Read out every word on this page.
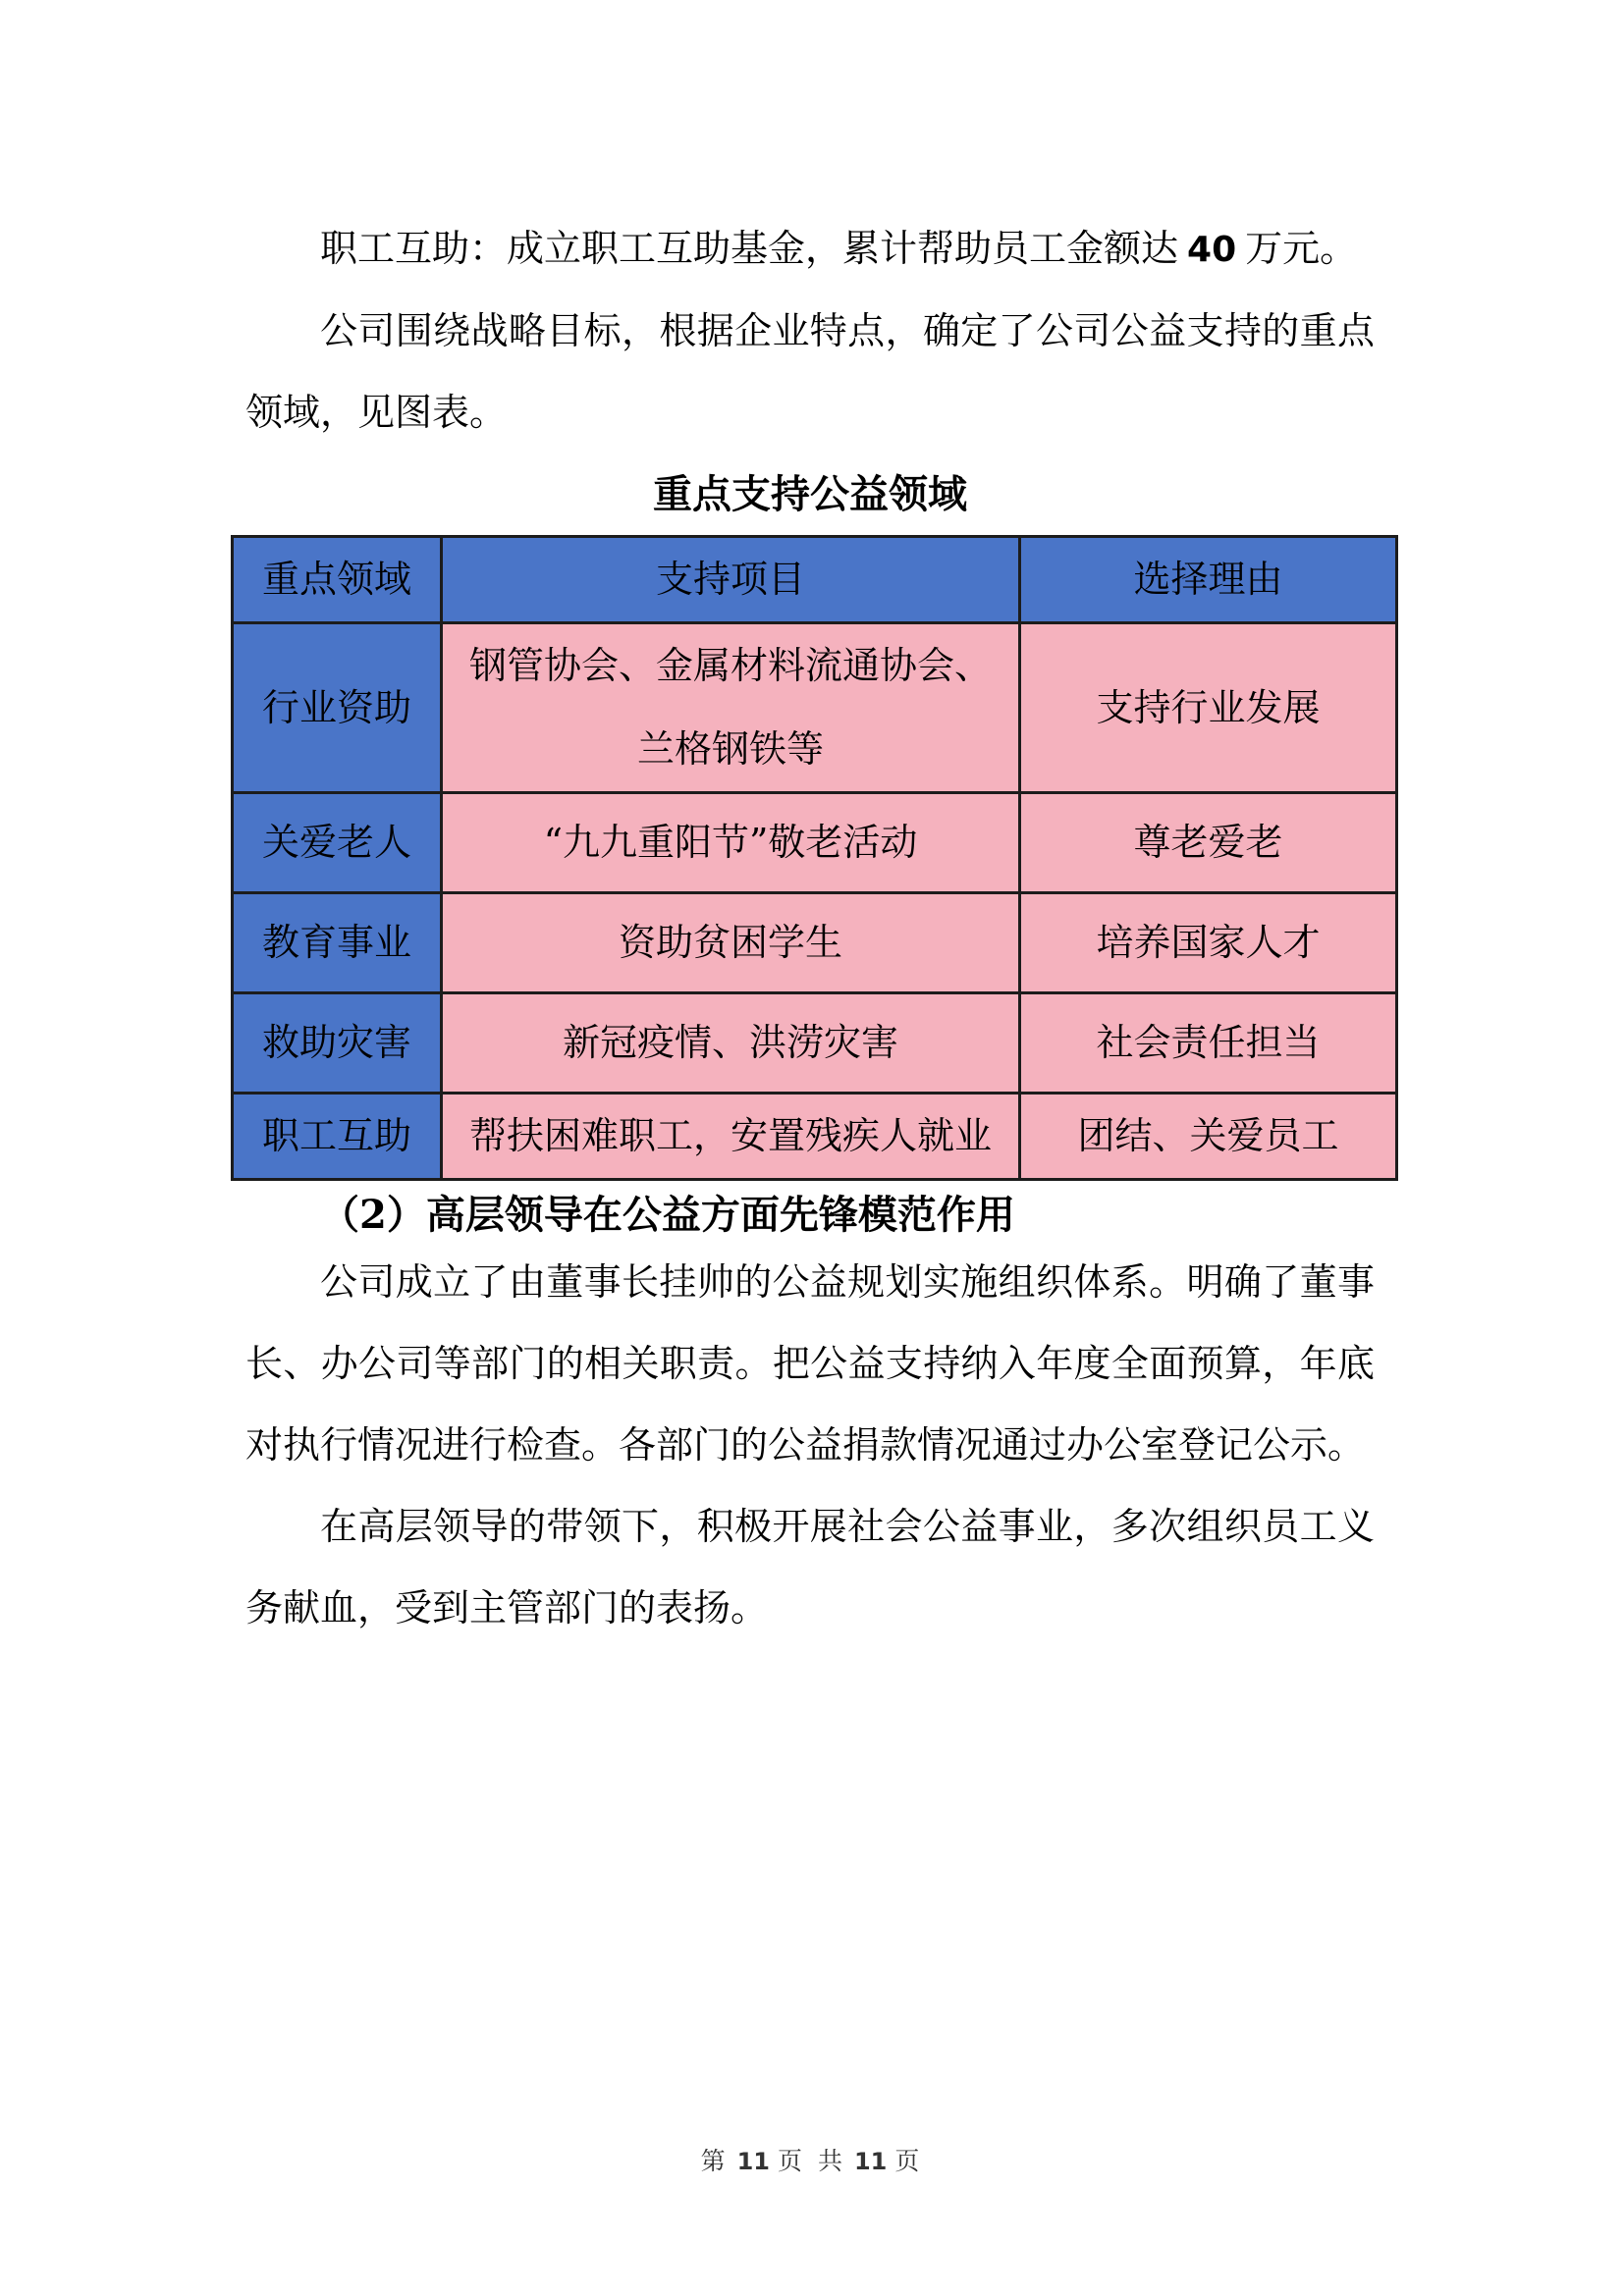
职工互助：成立职工互助基金，累计帮助员工金额达 40 万元。

公司围绕战略目标，根据企业特点，确定了公司公益支持的重点领域，见图表。

重点支持公益领域
重点领域	支持项目	选择理由
行业资助	钢管协会、金属材料流通协会、兰格钢铁等	支持行业发展
关爱老人	“九九重阳节”敬老活动	尊老爱老
教育事业	资助贫困学生	培养国家人才
救助灾害	新冠疫情、洪涝灾害	社会责任担当
职工互助	帮扶困难职工，安置残疾人就业	团结、关爱员工
（2）高层领导在公益方面先锋模范作用

公司成立了由董事长挂帅的公益规划实施组织体系。明确了董事长、办公司等部门的相关职责。把公益支持纳入年度全面预算，年底对执行情况进行检查。各部门的公益捐款情况通过办公室登记公示。

在高层领导的带领下，积极开展社会公益事业，多次组织员工义务献血，受到主管部门的表扬。

第 11 页 共 11 页
